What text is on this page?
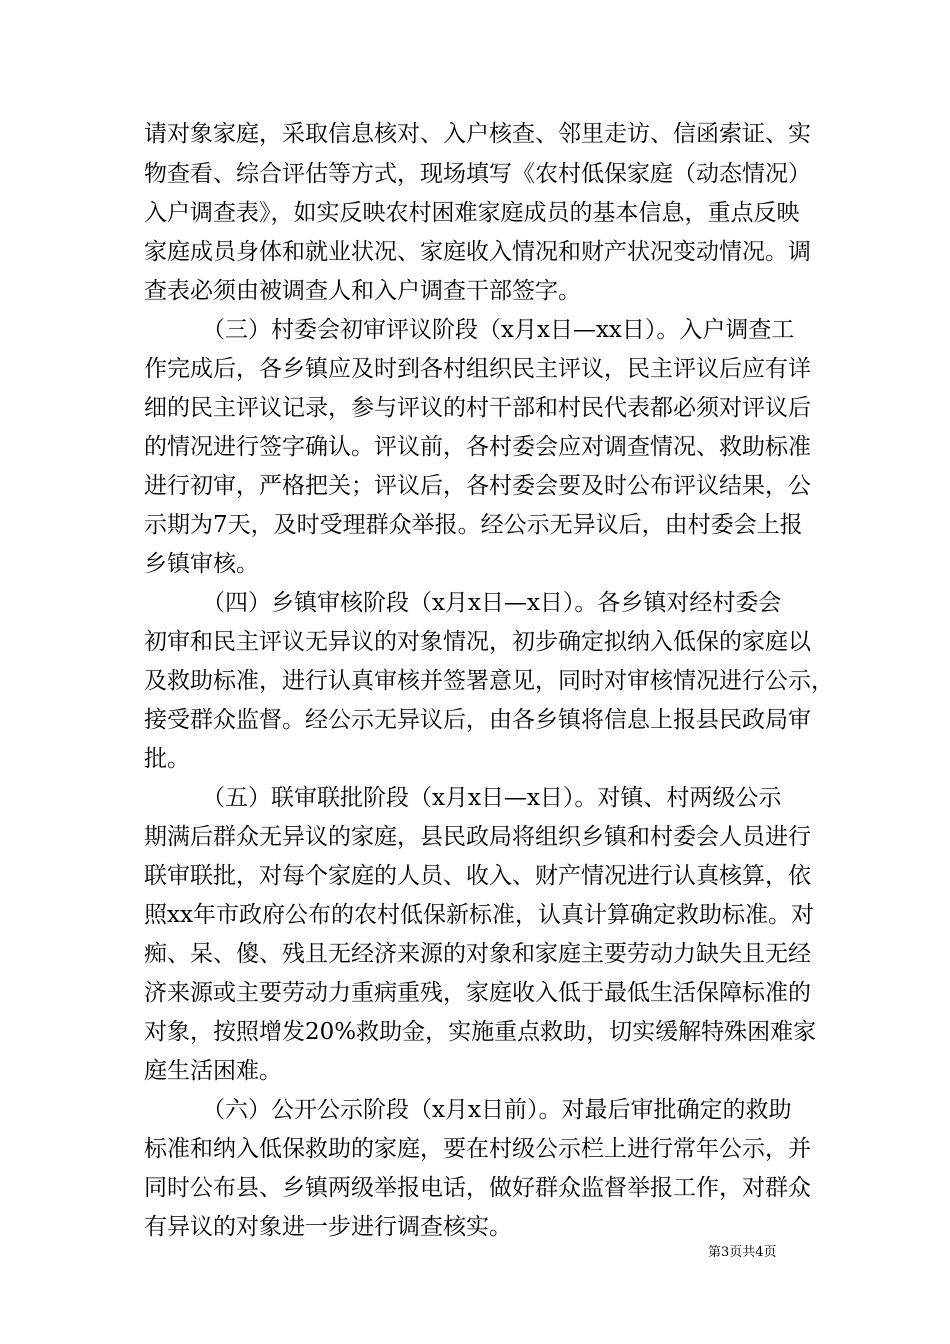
请对象家庭，采取信息核对、入户核查、邻里走访、信函索证、实
物查看、综合评估等方式，现场填写《农村低保家庭（动态情况）
入户调查表》，如实反映农村困难家庭成员的基本信息，重点反映
家庭成员身体和就业状况、家庭收入情况和财产状况变动情况。调
查表必须由被调查人和入户调查干部签字。
（三）村委会初审评议阶段（x月x日—xx日）。入户调查工
作完成后，各乡镇应及时到各村组织民主评议，民主评议后应有详
细的民主评议记录，参与评议的村干部和村民代表都必须对评议后
的情况进行签字确认。评议前，各村委会应对调查情况、救助标准
进行初审，严格把关；评议后，各村委会要及时公布评议结果，公
示期为7天，及时受理群众举报。经公示无异议后，由村委会上报
乡镇审核。
（四）乡镇审核阶段（x月x日—x日）。各乡镇对经村委会
初审和民主评议无异议的对象情况，初步确定拟纳入低保的家庭以
及救助标准，进行认真审核并签署意见，同时对审核情况进行公示，
接受群众监督。经公示无异议后，由各乡镇将信息上报县民政局审
批。
（五）联审联批阶段（x月x日—x日）。对镇、村两级公示
期满后群众无异议的家庭，县民政局将组织乡镇和村委会人员进行
联审联批，对每个家庭的人员、收入、财产情况进行认真核算，依
照xx年市政府公布的农村低保新标准，认真计算确定救助标准。对
痴、呆、傻、残且无经济来源的对象和家庭主要劳动力缺失且无经
济来源或主要劳动力重病重残，家庭收入低于最低生活保障标准的
对象，按照增发20%救助金，实施重点救助，切实缓解特殊困难家
庭生活困难。
（六）公开公示阶段（x月x日前）。对最后审批确定的救助
标准和纳入低保救助的家庭，要在村级公示栏上进行常年公示，并
同时公布县、乡镇两级举报电话，做好群众监督举报工作，对群众
有异议的对象进一步进行调查核实。
第3页共4页
